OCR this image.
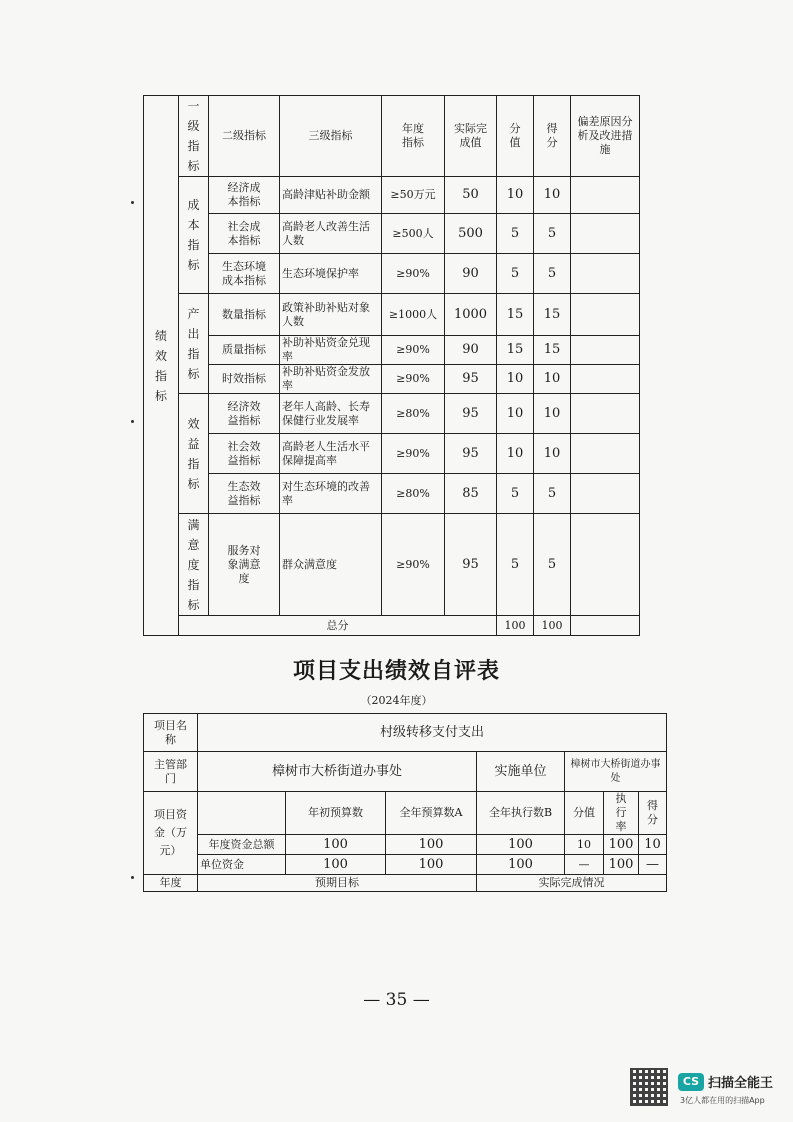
绩效指标	一级指标	二级指标	三级指标	年度指标	实际完成值	分值	得分	偏差原因分析及改进措施
	成本指标	经济成本指标	高龄津贴补助金额	≥50万元	50	10	10	
		社会成本指标	高龄老人改善生活人数	≥500人	500	5	5	
		生态环境成本指标	生态环境保护率	≥90%	90	5	5	
	产出指标	数量指标	政策补助补贴对象人数	≥1000人	1000	15	15	
		质量指标	补助补贴资金兑现率	≥90%	90	15	15	
		时效指标	补助补贴资金发放率	≥90%	95	10	10	
	效益指标	经济效益指标	老年人高龄、长寿保健行业发展率	≥80%	95	10	10	
		社会效益指标	高龄老人生活水平保障提高率	≥90%	95	10	10	
		生态效益指标	对生态环境的改善率	≥80%	85	5	5	
	满意度指标	服务对象满意度	群众满意度	≥90%	95	5	5	
	总分					100	100	
项目支出绩效自评表
（2024年度）
项目名称	村级转移支付支出						
主管部门	樟树市大桥街道办事处			实施单位	樟树市大桥街道办事处		
项目资金（万元）		年初预算数	全年预算数A	全年执行数B	分值	执行率	得分
	年度资金总额	100	100	100	10	100	10
	单位资金	100	100	100	—	100	—
年度	预期目标			实际完成情况			
— 35 —
CS 扫描全能王
3亿人都在用的扫描App
